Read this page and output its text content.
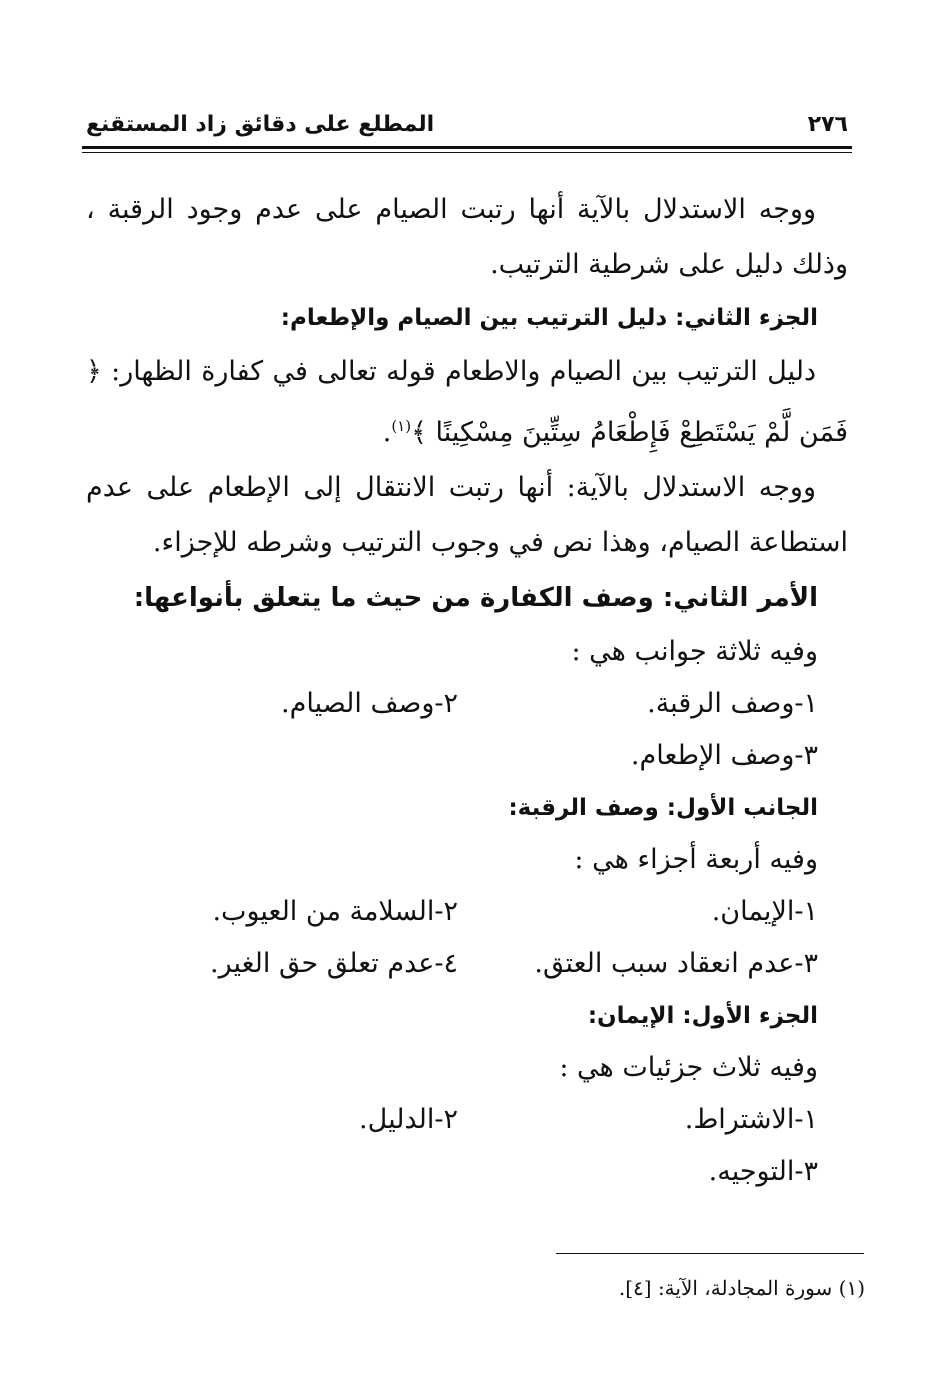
٢٧٦
المطلع على دقائق زاد المستقنع

ووجه الاستدلال بالآية أنها رتبت الصيام على عدم وجود الرقبة ، وذلك دليل على شرطية الترتيب.

الجزء الثاني: دليل الترتيب بين الصيام والإطعام:

دليل الترتيب بين الصيام والاطعام قوله تعالى في كفارة الظهار: ﴿ فَمَن لَّمْ يَسْتَطِعْ فَإِطْعَامُ سِتِّينَ مِسْكِينًا ﴾$^{(١)}$.

ووجه الاستدلال بالآية: أنها رتبت الانتقال إلى الإطعام على عدم استطاعة الصيام، وهذا نص في وجوب الترتيب وشرطه للإجزاء.

الأمر الثاني: وصف الكفارة من حيث ما يتعلق بأنواعها:
وفيه ثلاثة جوانب هي :
١-وصف الرقبة.
٢-وصف الصيام.
٣-وصف الإطعام.
الجانب الأول: وصف الرقبة:
وفيه أربعة أجزاء هي :
١-الإيمان.
٢-السلامة من العيوب.
٣-عدم انعقاد سبب العتق.
٤-عدم تعلق حق الغير.
الجزء الأول: الإيمان:
وفيه ثلاث جزئيات هي :
١-الاشتراط.
٢-الدليل.
٣-التوجيه.
(١) سورة المجادلة، الآية: [٤].
